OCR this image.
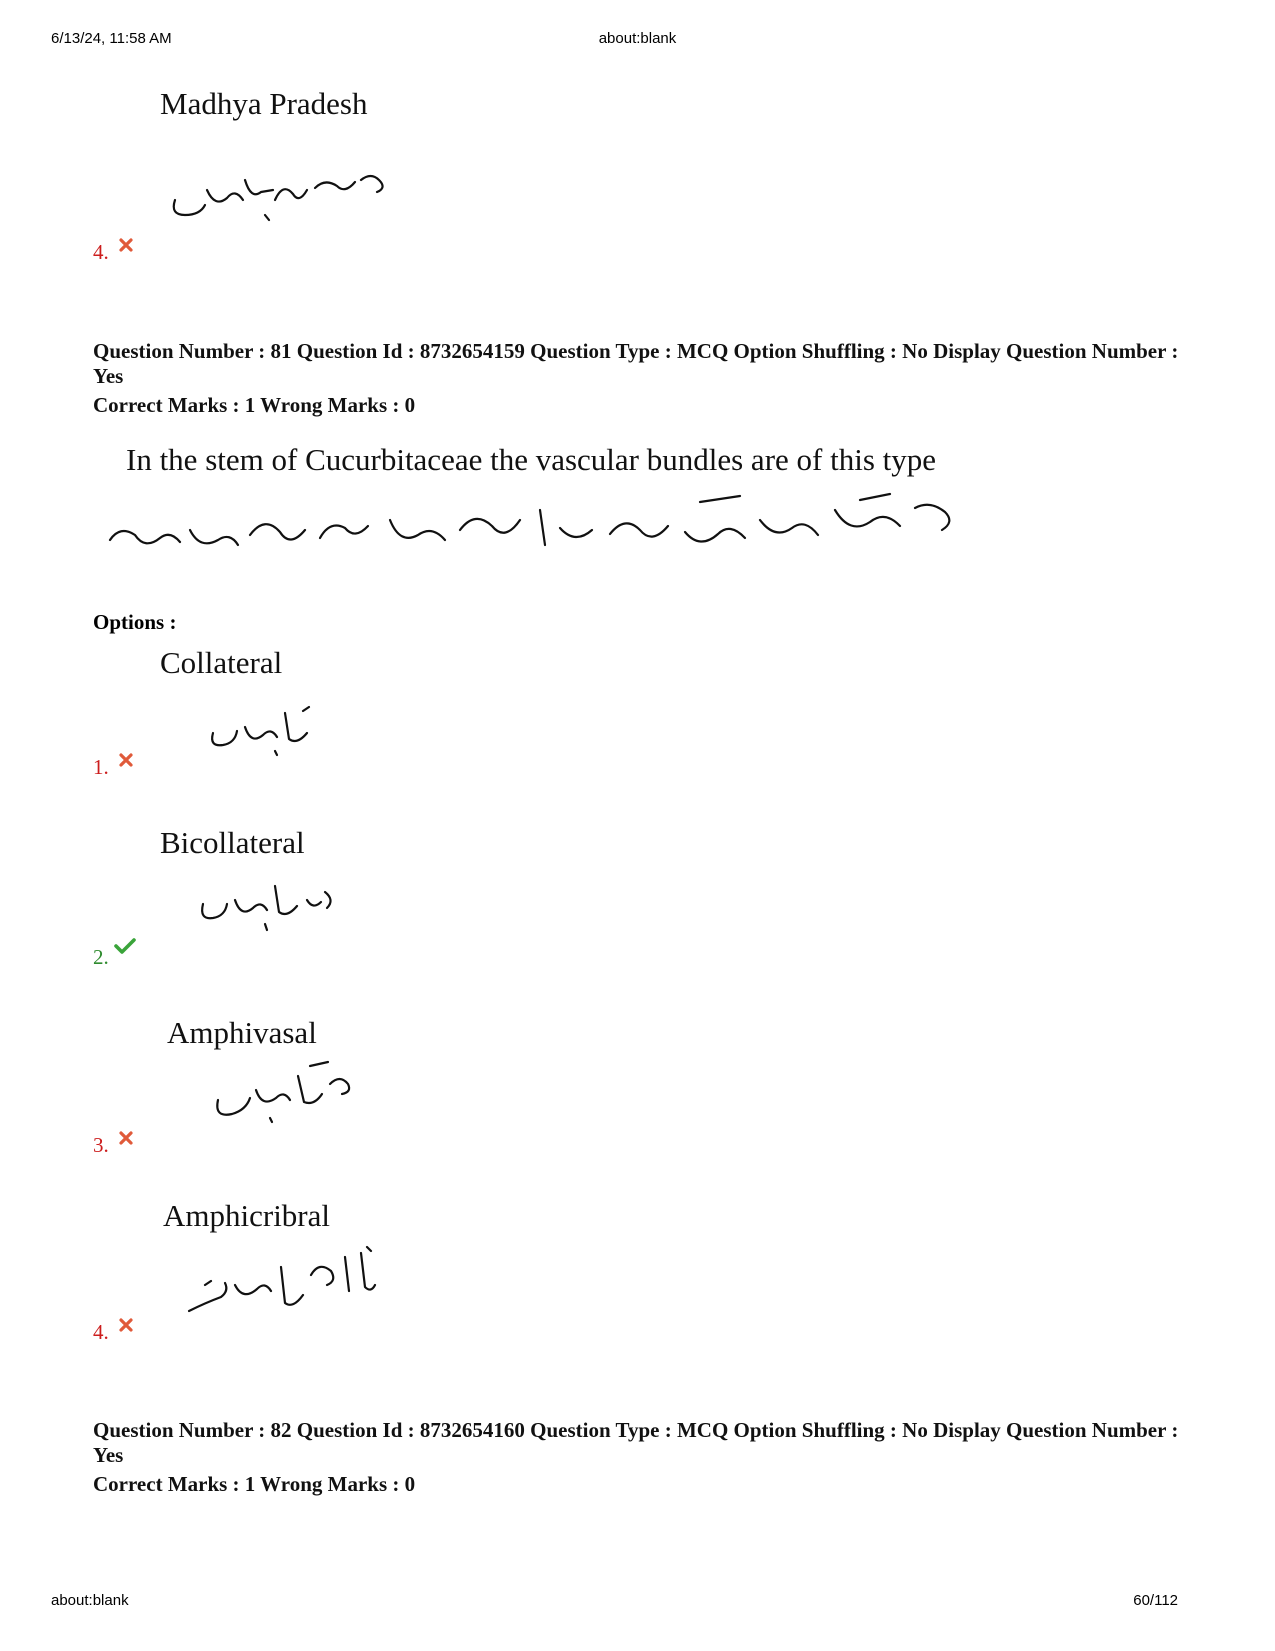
6/13/24, 11:58 AM	about:blank
Madhya Pradesh
4.
Question Number : 81 Question Id : 8732654159 Question Type : MCQ Option Shuffling : No Display Question Number : Yes
Correct Marks : 1 Wrong Marks : 0
In the stem of Cucurbitaceae the vascular bundles are of this type
Options :
Collateral
1.
Bicollateral
2.
Amphivasal
3.
Amphicribral
4.
Question Number : 82 Question Id : 8732654160 Question Type : MCQ Option Shuffling : No Display Question Number : Yes
Correct Marks : 1 Wrong Marks : 0
about:blank	60/112
